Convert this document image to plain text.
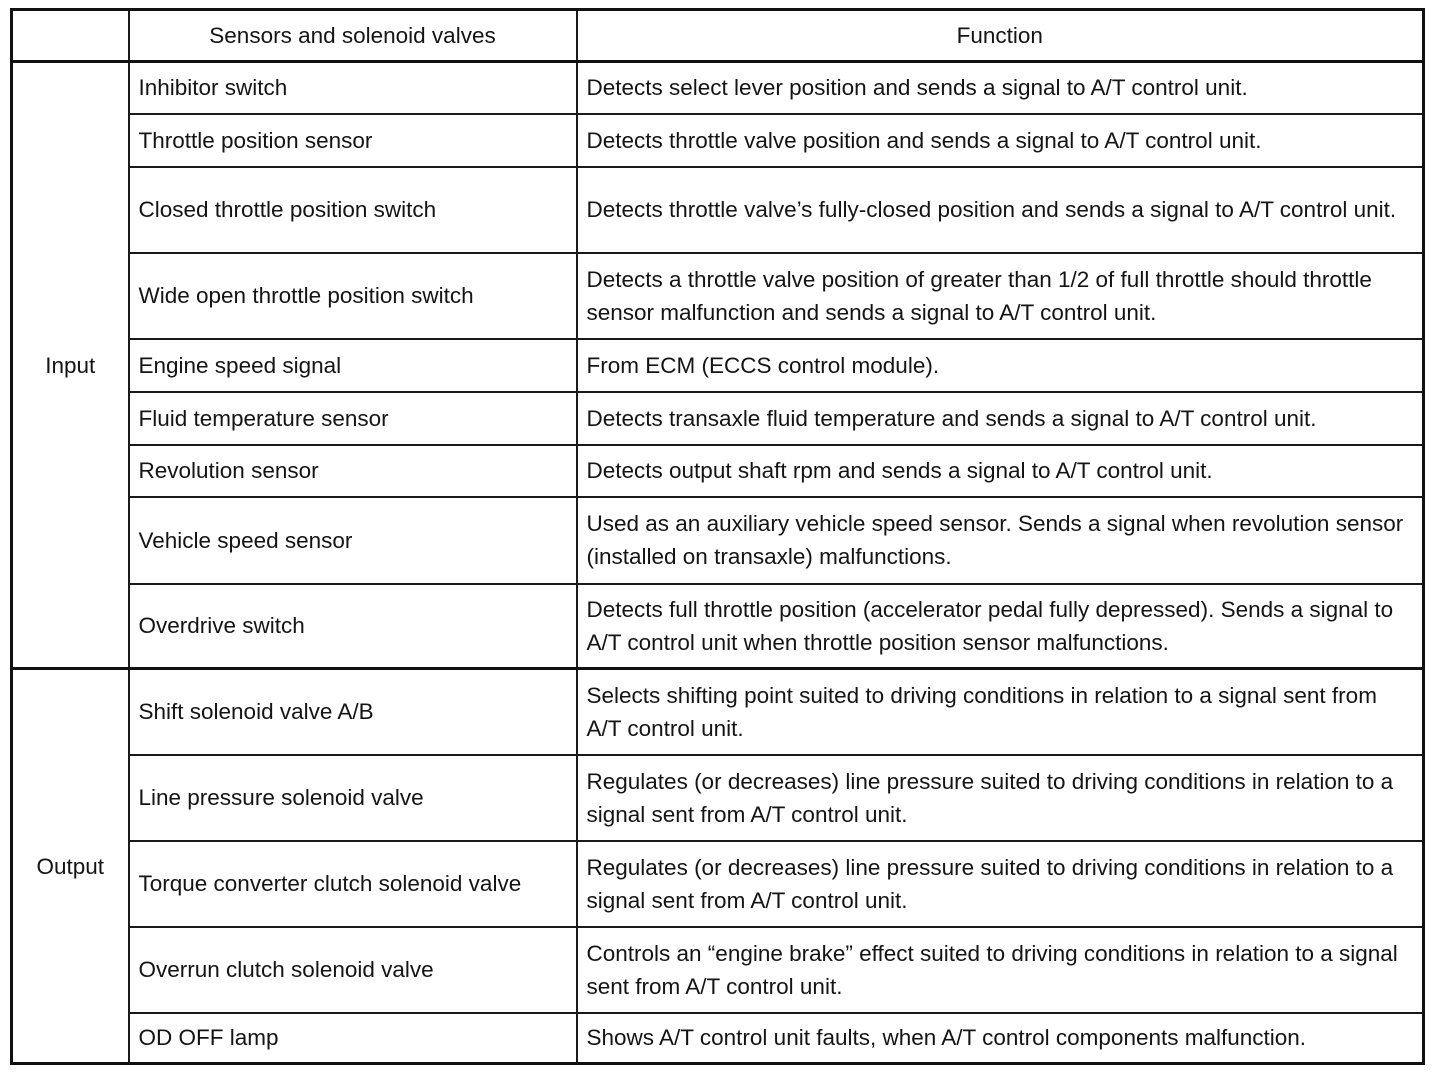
	Sensors and solenoid valves	Function
Input	Inhibitor switch	Detects select lever position and sends a signal to A/T control unit.
	Throttle position sensor	Detects throttle valve position and sends a signal to A/T control unit.
	Closed throttle position switch	Detects throttle valve’s fully-closed position and sends a signal to A/T control unit.
	Wide open throttle position switch	Detects a throttle valve position of greater than 1/2 of full throttle should throttle sensor malfunction and sends a signal to A/T control unit.
	Engine speed signal	From ECM (ECCS control module).
	Fluid temperature sensor	Detects transaxle fluid temperature and sends a signal to A/T control unit.
	Revolution sensor	Detects output shaft rpm and sends a signal to A/T control unit.
	Vehicle speed sensor	Used as an auxiliary vehicle speed sensor. Sends a signal when revolution sensor (installed on transaxle) malfunctions.
	Overdrive switch	Detects full throttle position (accelerator pedal fully depressed). Sends a signal to A/T control unit when throttle position sensor malfunctions.
Output	Shift solenoid valve A/B	Selects shifting point suited to driving conditions in relation to a signal sent from A/T control unit.
	Line pressure solenoid valve	Regulates (or decreases) line pressure suited to driving conditions in relation to a signal sent from A/T control unit.
	Torque converter clutch solenoid valve	Regulates (or decreases) line pressure suited to driving conditions in relation to a signal sent from A/T control unit.
	Overrun clutch solenoid valve	Controls an “engine brake” effect suited to driving conditions in relation to a signal sent from A/T control unit.
	OD OFF lamp	Shows A/T control unit faults, when A/T control components malfunction.
